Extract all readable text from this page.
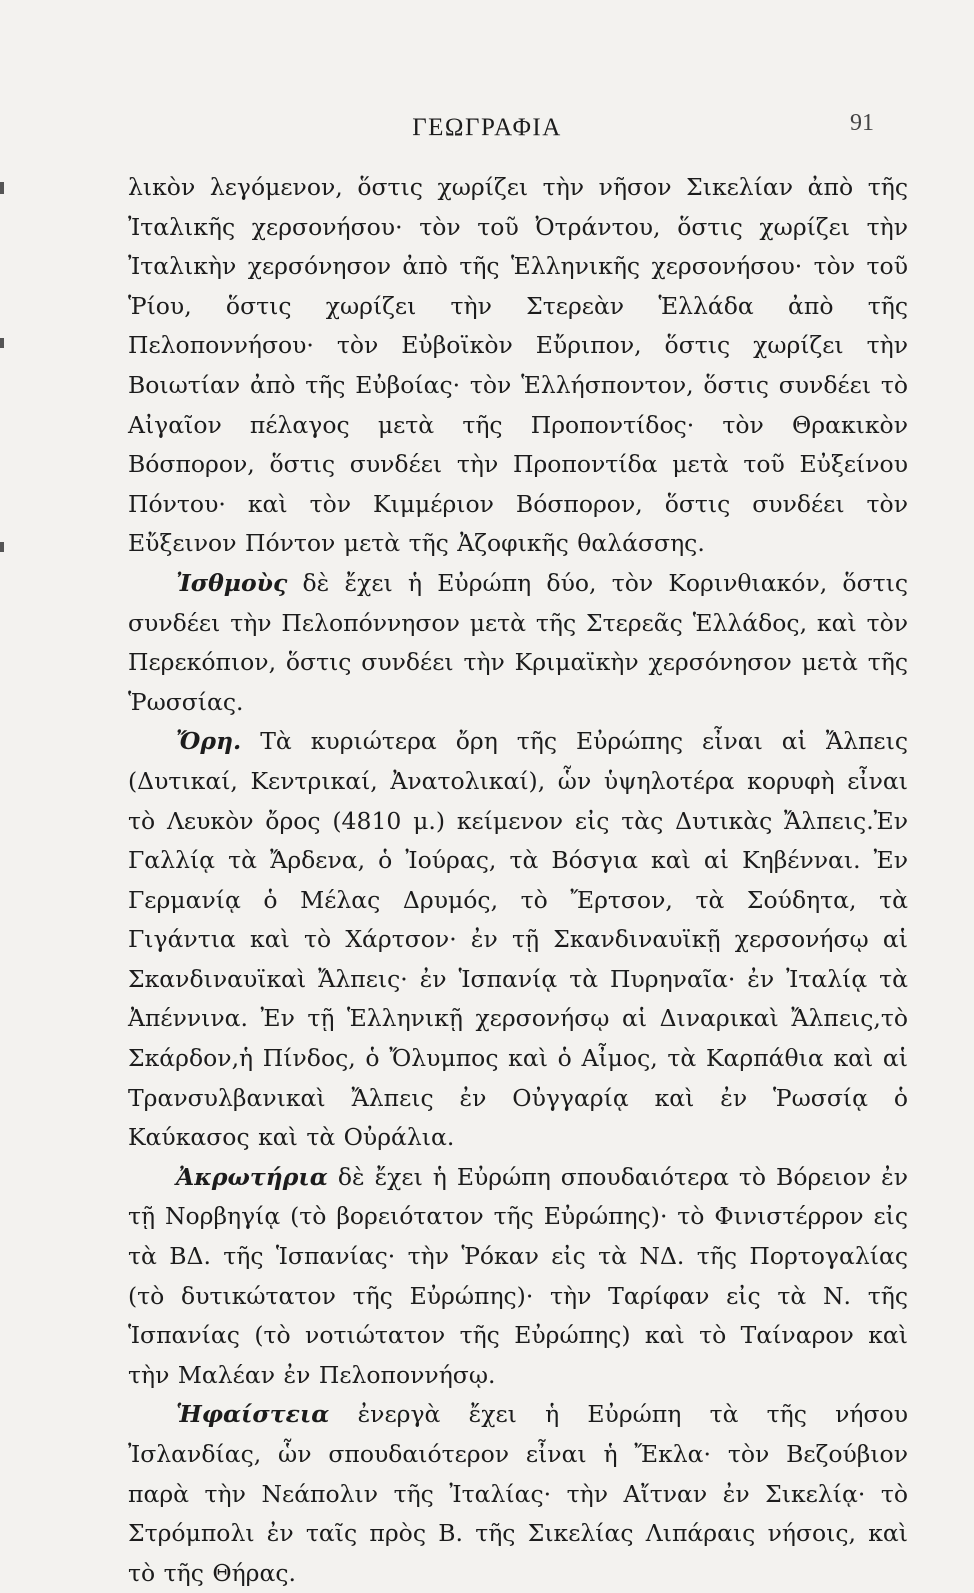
ΓΕΩΓΡΑΦΙΑ	91

λικὸν λεγόμενον, ὅστις χωρίζει τὴν νῆσον Σικελίαν ἀπὸ τῆς Ἰταλικῆς χερσονήσου· τὸν τοῦ Ὀτράντου, ὅστις χωρίζει τὴν Ἰταλικὴν χερσόνησον ἀπὸ τῆς Ἑλληνικῆς χερσονήσου· τὸν τοῦ Ῥίου, ὅστις χωρίζει τὴν Στερεὰν Ἑλλάδα ἀπὸ τῆς Πελοποννήσου· τὸν Εὐβοϊκὸν Εὔριπον, ὅστις χωρίζει τὴν Βοιωτίαν ἀπὸ τῆς Εὐβοίας· τὸν Ἑλλήσποντον, ὅστις συνδέει τὸ Αἰγαῖον πέλαγος μετὰ τῆς Προποντίδος· τὸν Θρακικὸν Βόσπορον, ὅστις συνδέει τὴν Προποντίδα μετὰ τοῦ Εὐξείνου Πόντου· καὶ τὸν Κιμμέριον Βόσπορον, ὅστις συνδέει τὸν Εὔξεινον Πόντον μετὰ τῆς Ἀζοφικῆς θαλάσσης.

Ἰσθμοὺς δὲ ἔχει ἡ Εὐρώπη δύο, τὸν Κορινθιακόν, ὅστις συνδέει τὴν Πελοπόννησον μετὰ τῆς Στερεᾶς Ἑλλάδος, καὶ τὸν Περεκόπιον, ὅστις συνδέει τὴν Κριμαϊκὴν χερσόνησον μετὰ τῆς Ῥωσσίας.

Ὄρη. Τὰ κυριώτερα ὄρη τῆς Εὐρώπης εἶναι αἱ Ἄλπεις (Δυτικαί, Κεντρικαί, Ἀνατολικαί), ὧν ὑψηλοτέρα κορυφὴ εἶναι τὸ Λευκὸν ὄρος (4810 μ.) κείμενον εἰς τὰς Δυτικὰς Ἄλπεις.Ἐν Γαλλίᾳ τὰ Ἄρδενα, ὁ Ἰούρας, τὰ Βόσγια καὶ αἱ Κηβένναι. Ἐν Γερμανίᾳ ὁ Μέλας Δρυμός, τὸ Ἔρτσον, τὰ Σούδητα, τὰ Γιγάντια καὶ τὸ Χάρτσον· ἐν τῇ Σκανδιναυϊκῇ χερσονήσῳ αἱ Σκανδιναυϊκαὶ Ἄλπεις· ἐν Ἱσπανίᾳ τὰ Πυρηναῖα· ἐν Ἰταλίᾳ τὰ Ἀπέννινα. Ἐν τῇ Ἑλληνικῇ χερσονήσῳ αἱ Διναρικαὶ Ἄλπεις,τὸ Σκάρδον,ἡ Πίνδος, ὁ Ὄλυμπος καὶ ὁ Αἶμος, τὰ Καρπάθια καὶ αἱ Τρανσυλβανικαὶ Ἄλπεις ἐν Οὐγγαρίᾳ καὶ ἐν Ῥωσσίᾳ ὁ Καύκασος καὶ τὰ Οὐράλια.

Ἀκρωτήρια δὲ ἔχει ἡ Εὐρώπη σπουδαιότερα τὸ Βόρειον ἐν τῇ Νορβηγίᾳ (τὸ βορειότατον τῆς Εὐρώπης)· τὸ Φινιστέρρον εἰς τὰ ΒΔ. τῆς Ἱσπανίας· τὴν Ῥόκαν εἰς τὰ ΝΔ. τῆς Πορτογαλίας (τὸ δυτικώτατον τῆς Εὐρώπης)· τὴν Ταρίφαν εἰς τὰ Ν. τῆς Ἱσπανίας (τὸ νοτιώτατον τῆς Εὐρώπης) καὶ τὸ Ταίναρον καὶ τὴν Μαλέαν ἐν Πελοποννήσῳ.

Ἡφαίστεια ἐνεργὰ ἔχει ἡ Εὐρώπη τὰ τῆς νήσου Ἰσλανδίας, ὧν σπουδαιότερον εἶναι ἡ Ἔκλα· τὸν Βεζούβιον παρὰ τὴν Νεάπολιν τῆς Ἰταλίας· τὴν Αἴτναν ἐν Σικελίᾳ· τὸ Στρόμπολι ἐν ταῖς πρὸς Β. τῆς Σικελίας Λιπάραις νήσοις, καὶ τὸ τῆς Θήρας.
